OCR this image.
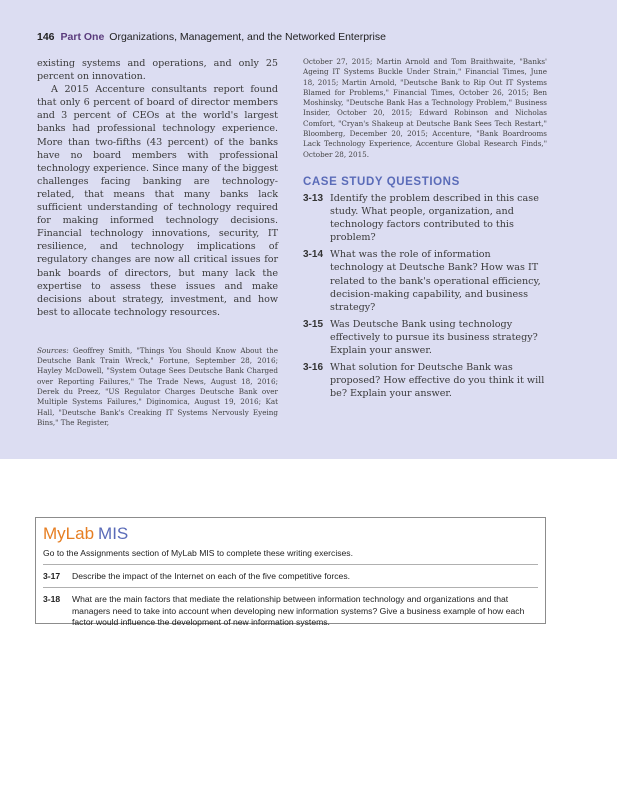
146 Part One Organizations, Management, and the Networked Enterprise

existing systems and operations, and only 25 percent on innovation.

A 2015 Accenture consultants report found that only 6 percent of board of director members and 3 percent of CEOs at the world's largest banks had professional technology experience. More than two-fifths (43 percent) of the banks have no board members with professional technology experience. Since many of the biggest challenges facing banking are technology-related, that means that many banks lack sufficient understanding of technology required for making informed technology decisions. Financial technology innovations, security, IT resilience, and technology implications of regulatory changes are now all critical issues for bank boards of directors, but many lack the expertise to assess these issues and make decisions about strategy, investment, and how best to allocate technology resources.

Sources: Geoffrey Smith, "Things You Should Know About the Deutsche Bank Train Wreck," Fortune, September 28, 2016; Hayley McDowell, "System Outage Sees Deutsche Bank Charged over Reporting Failures," The Trade News, August 18, 2016; Derek du Preez, "US Regulator Charges Deutsche Bank over Multiple Systems Failures," Diginomica, August 19, 2016; Kat Hall, "Deutsche Bank's Creaking IT Systems Nervously Eyeing Bins," The Register,
October 27, 2015; Martin Arnold and Tom Braithwaite, "Banks' Ageing IT Systems Buckle Under Strain," Financial Times, June 18, 2015; Martin Arnold, "Deutsche Bank to Rip Out IT Systems Blamed for Problems," Financial Times, October 26, 2015; Ben Moshinsky, "Deutsche Bank Has a Technology Problem," Business Insider, October 20, 2015; Edward Robinson and Nicholas Comfort, "Cryan's Shakeup at Deutsche Bank Sees Tech Restart," Bloomberg, December 20, 2015; Accenture, "Bank Boardrooms Lack Technology Experience, Accenture Global Research Finds," October 28, 2015.
CASE STUDY QUESTIONS
3-13 Identify the problem described in this case study. What people, organization, and technology factors contributed to this problem?
3-14 What was the role of information technology at Deutsche Bank? How was IT related to the bank's operational efficiency, decision-making capability, and business strategy?
3-15 Was Deutsche Bank using technology effectively to pursue its business strategy? Explain your answer.
3-16 What solution for Deutsche Bank was proposed? How effective do you think it will be? Explain your answer.
MyLab MIS
Go to the Assignments section of MyLab MIS to complete these writing exercises.
3-17	Describe the impact of the Internet on each of the five competitive forces.
3-18	What are the main factors that mediate the relationship between information technology and organizations and that managers need to take into account when developing new information systems? Give a business example of how each factor would influence the development of new information systems.
